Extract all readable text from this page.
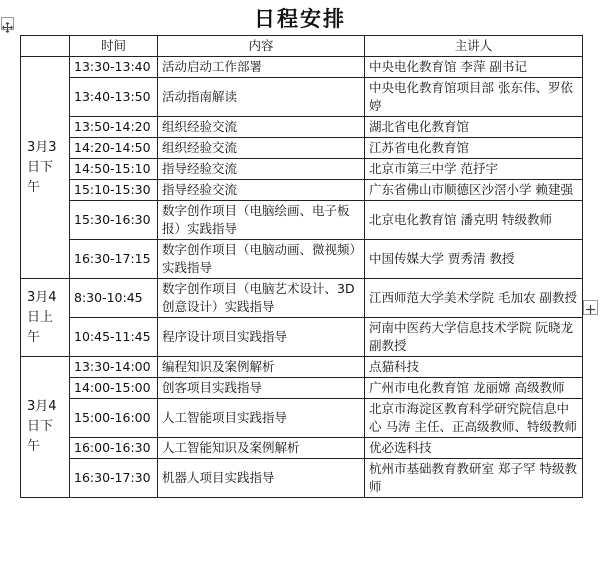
日程安排
	时间	内容	主讲人
3月3日下午	13:30-13:40	活动启动工作部署	中央电化教育馆 李萍 副书记
	13:40-13:50	活动指南解读	中央电化教育馆项目部 张东伟、罗依婷
	13:50-14:20	组织经验交流	湖北省电化教育馆
	14:20-14:50	组织经验交流	江苏省电化教育馆
	14:50-15:10	指导经验交流	北京市第三中学 范抒宇
	15:10-15:30	指导经验交流	广东省佛山市顺德区沙滘小学 赖建强
	15:30-16:30	数字创作项目（电脑绘画、电子板报）实践指导	北京电化教育馆 潘克明 特级教师
	16:30-17:15	数字创作项目（电脑动画、微视频）实践指导	中国传媒大学 贾秀清 教授
3月4日上午	8:30-10:45	数字创作项目（电脑艺术设计、3D 创意设计）实践指导	江西师范大学美术学院 毛加农 副教授
	10:45-11:45	程序设计项目实践指导	河南中医药大学信息技术学院 阮晓龙 副教授
3月4日下午	13:30-14:00	编程知识及案例解析	点猫科技
	14:00-15:00	创客项目实践指导	广州市电化教育馆 龙丽嫦 高级教师
	15:00-16:00	人工智能项目实践指导	北京市海淀区教育科学研究院信息中心 马涛 主任、正高级教师、特级教师
	16:00-16:30	人工智能知识及案例解析	优必选科技
	16:30-17:30	机器人项目实践指导	杭州市基础教育教研室 郑子罕 特级教师
